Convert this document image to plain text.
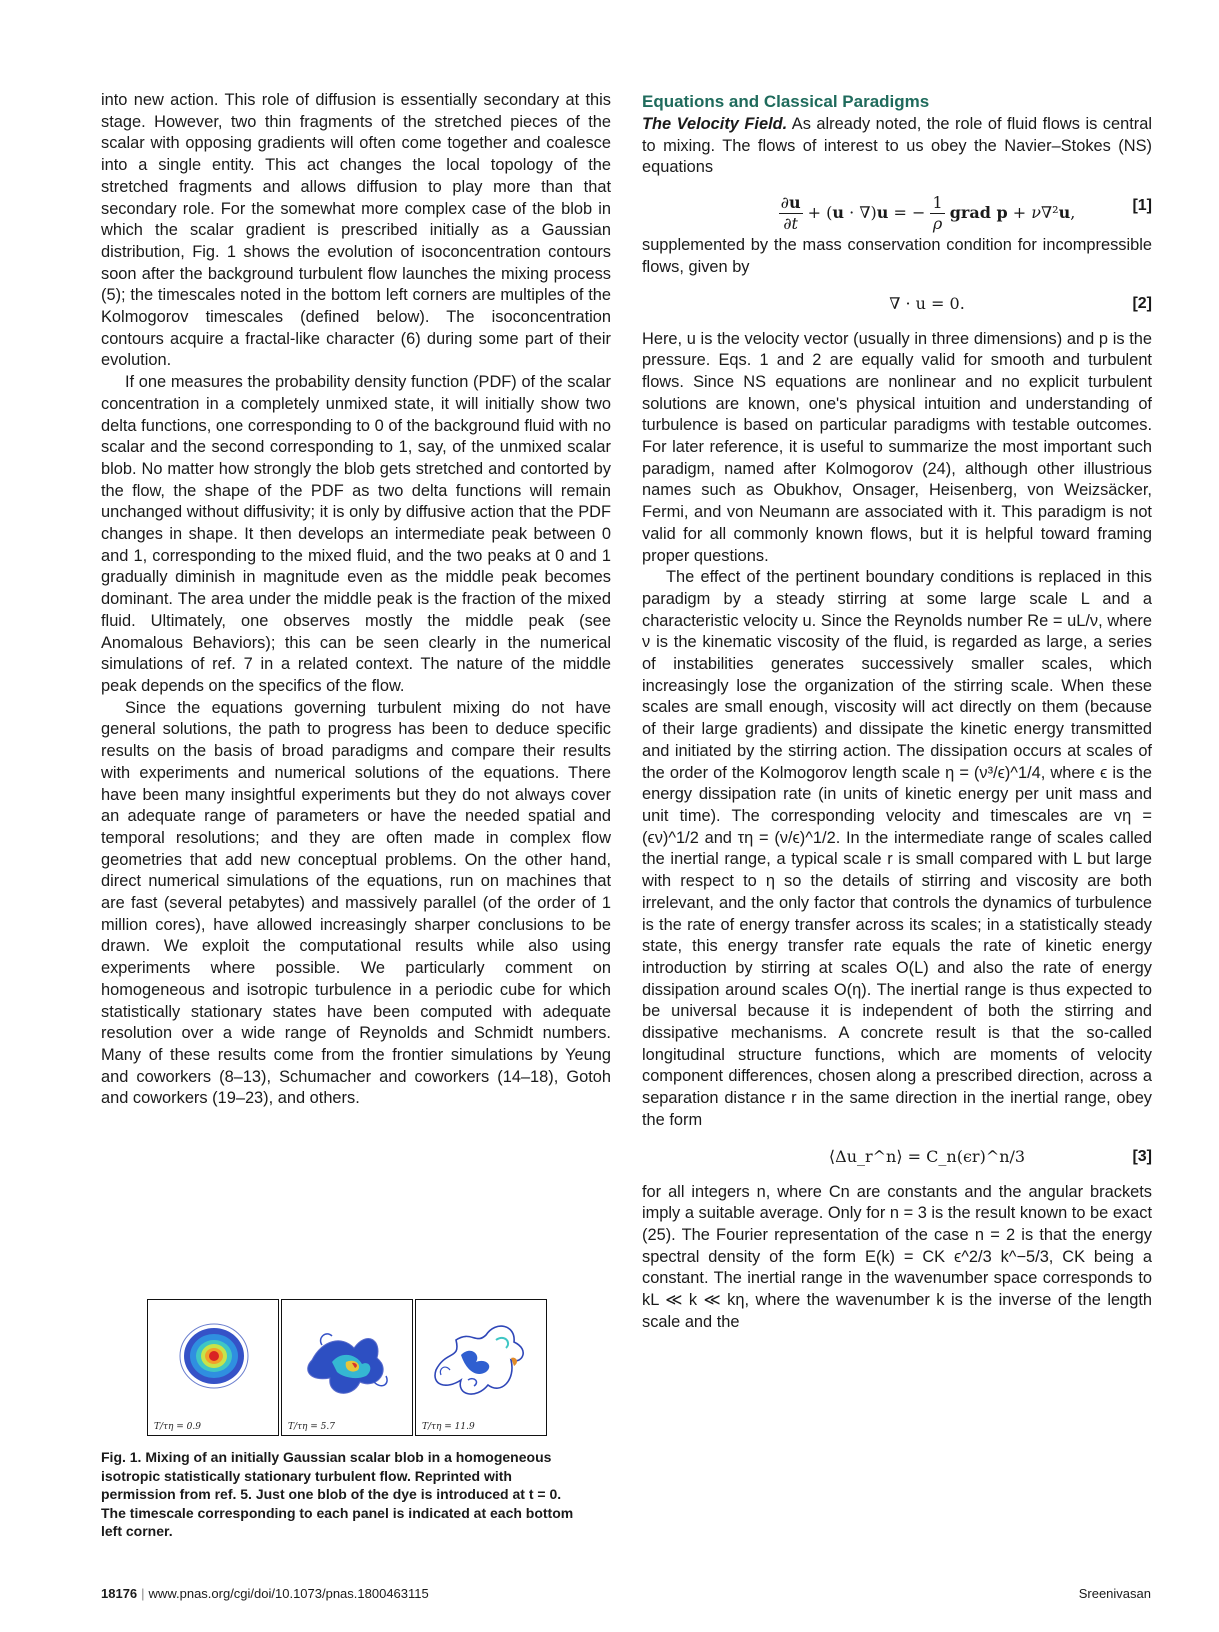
into new action. This role of diffusion is essentially secondary at this stage. However, two thin fragments of the stretched pieces of the scalar with opposing gradients will often come together and coalesce into a single entity. This act changes the local topology of the stretched fragments and allows diffusion to play more than that secondary role. For the somewhat more complex case of the blob in which the scalar gradient is prescribed initially as a Gaussian distribution, Fig. 1 shows the evolution of isoconcentration contours soon after the background turbulent flow launches the mixing process (5); the timescales noted in the bottom left corners are multiples of the Kolmogorov timescales (defined below). The isoconcentration contours acquire a fractal-like character (6) during some part of their evolution.

If one measures the probability density function (PDF) of the scalar concentration in a completely unmixed state, it will initially show two delta functions, one corresponding to 0 of the background fluid with no scalar and the second corresponding to 1, say, of the unmixed scalar blob. No matter how strongly the blob gets stretched and contorted by the flow, the shape of the PDF as two delta functions will remain unchanged without diffusivity; it is only by diffusive action that the PDF changes in shape. It then develops an intermediate peak between 0 and 1, corresponding to the mixed fluid, and the two peaks at 0 and 1 gradually diminish in magnitude even as the middle peak becomes dominant. The area under the middle peak is the fraction of the mixed fluid. Ultimately, one observes mostly the middle peak (see Anomalous Behaviors); this can be seen clearly in the numerical simulations of ref. 7 in a related context. The nature of the middle peak depends on the specifics of the flow.

Since the equations governing turbulent mixing do not have general solutions, the path to progress has been to deduce specific results on the basis of broad paradigms and compare their results with experiments and numerical solutions of the equations. There have been many insightful experiments but they do not always cover an adequate range of parameters or have the needed spatial and temporal resolutions; and they are often made in complex flow geometries that add new conceptual problems. On the other hand, direct numerical simulations of the equations, run on machines that are fast (several petabytes) and massively parallel (of the order of 1 million cores), have allowed increasingly sharper conclusions to be drawn. We exploit the computational results while also using experiments where possible. We particularly comment on homogeneous and isotropic turbulence in a periodic cube for which statistically stationary states have been computed with adequate resolution over a wide range of Reynolds and Schmidt numbers. Many of these results come from the frontier simulations by Yeung and coworkers (8–13), Schumacher and coworkers (14–18), Gotoh and coworkers (19–23), and others.

T/τη = 0.9	T/τη = 5.7	T/τη = 11.9
Fig. 1. Mixing of an initially Gaussian scalar blob in a homogeneous isotropic statistically stationary turbulent flow. Reprinted with permission from ref. 5. Just one blob of the dye is introduced at t = 0. The timescale corresponding to each panel is indicated at each bottom left corner.
Equations and Classical Paradigms

The Velocity Field. As already noted, the role of fluid flows is central to mixing. The flows of interest to us obey the Navier–Stokes (NS) equations

$\frac{\partial u}{\partial t} + (u \cdot \nabla)u$ = − $\frac{1}{\rho}$ grad p + ν∇²u,	[1]

supplemented by the mass conservation condition for incompressible flows, given by

∇ · u = 0.	[2]

Here, u is the velocity vector (usually in three dimensions) and p is the pressure. Eqs. 1 and 2 are equally valid for smooth and turbulent flows. Since NS equations are nonlinear and no explicit turbulent solutions are known, one's physical intuition and understanding of turbulence is based on particular paradigms with testable outcomes. For later reference, it is useful to summarize the most important such paradigm, named after Kolmogorov (24), although other illustrious names such as Obukhov, Onsager, Heisenberg, von Weizsäcker, Fermi, and von Neumann are associated with it. This paradigm is not valid for all commonly known flows, but it is helpful toward framing proper questions.

The effect of the pertinent boundary conditions is replaced in this paradigm by a steady stirring at some large scale L and a characteristic velocity u. Since the Reynolds number Re = uL/ν, where ν is the kinematic viscosity of the fluid, is regarded as large, a series of instabilities generates successively smaller scales, which increasingly lose the organization of the stirring scale. When these scales are small enough, viscosity will act directly on them (because of their large gradients) and dissipate the kinetic energy transmitted and initiated by the stirring action. The dissipation occurs at scales of the order of the Kolmogorov length scale η = (ν³/ϵ)^1/4, where ϵ is the energy dissipation rate (in units of kinetic energy per unit mass and unit time). The corresponding velocity and timescales are vη = (ϵν)^1/2 and τη = (ν/ϵ)^1/2. In the intermediate range of scales called the inertial range, a typical scale r is small compared with L but large with respect to η so the details of stirring and viscosity are both irrelevant, and the only factor that controls the dynamics of turbulence is the rate of energy transfer across its scales; in a statistically steady state, this energy transfer rate equals the rate of kinetic energy introduction by stirring at scales O(L) and also the rate of energy dissipation around scales O(η). The inertial range is thus expected to be universal because it is independent of both the stirring and dissipative mechanisms. A concrete result is that the so-called longitudinal structure functions, which are moments of velocity component differences, chosen along a prescribed direction, across a separation distance r in the same direction in the inertial range, obey the form

⟨Δu_r^n⟩ = C_n(ϵr)^n/3	[3]

for all integers n, where Cn are constants and the angular brackets imply a suitable average. Only for n = 3 is the result known to be exact (25). The Fourier representation of the case n = 2 is that the energy spectral density of the form E(k) = CK ϵ^2/3 k^−5/3, CK being a constant. The inertial range in the wavenumber space corresponds to kL ≪ k ≪ kη, where the wavenumber k is the inverse of the length scale and the

18176 | www.pnas.org/cgi/doi/10.1073/pnas.1800463115	Sreenivasan
